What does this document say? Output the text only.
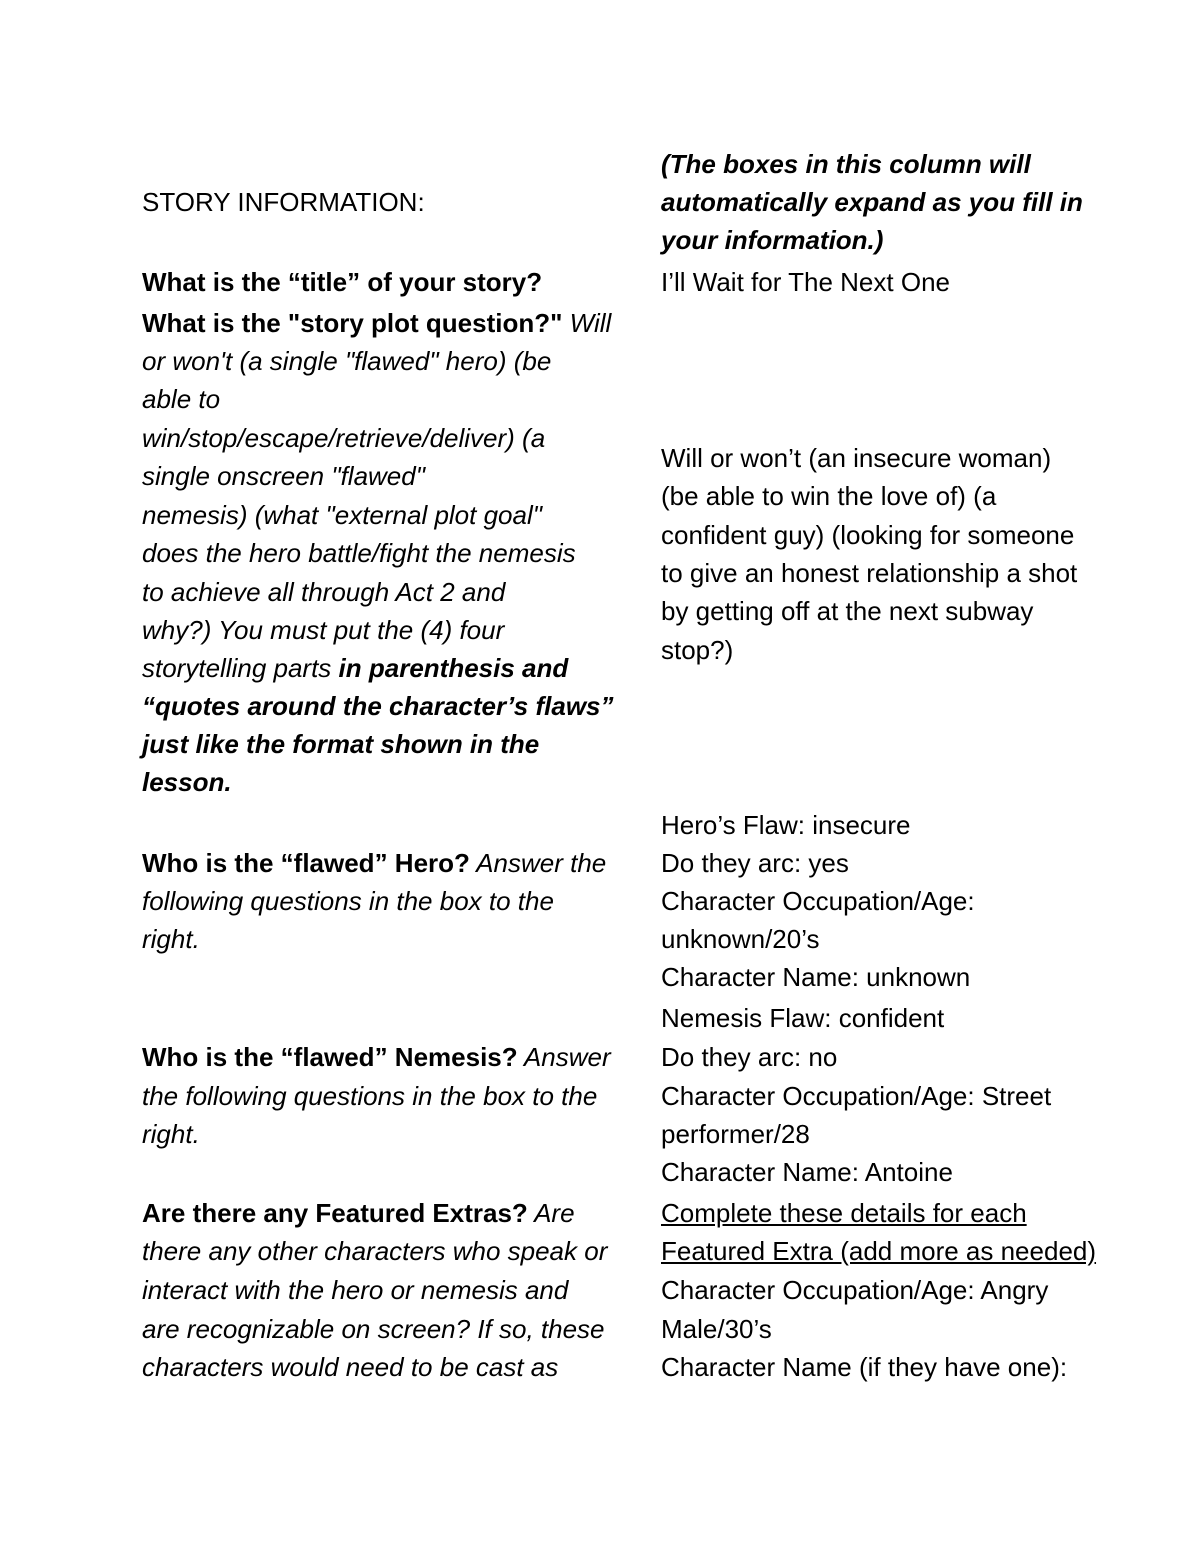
STORY INFORMATION:
(The boxes in this column will
automatically expand as you fill in
your information.)
What is the “title” of your story?	I’ll Wait for The Next One
What is the "story plot question?" Will
or won't (a single "flawed" hero) (be
able to
win/stop/escape/retrieve/deliver) (a
single onscreen "flawed"
nemesis) (what "external plot goal"
does the hero battle/fight the nemesis
to achieve all through Act 2 and
why?) You must put the (4) four
storytelling parts in parenthesis and
“quotes around the character’s flaws”
just like the format shown in the
lesson.
Will or won’t (an insecure woman)
(be able to win the love of) (a
confident guy) (looking for someone
to give an honest relationship a shot
by getting off at the next subway
stop?)
Who is the “flawed” Hero? Answer the
following questions in the box to the
right.
Hero’s Flaw: insecure
Do they arc: yes
Character Occupation/Age:
unknown/20’s
Character Name: unknown
Who is the “flawed” Nemesis? Answer
the following questions in the box to the
right.
Nemesis Flaw: confident
Do they arc: no
Character Occupation/Age: Street
performer/28
Character Name: Antoine
Are there any Featured Extras? Are
there any other characters who speak or
interact with the hero or nemesis and
are recognizable on screen? If so, these
characters would need to be cast as
Complete these details for each
Featured Extra (add more as needed)
Character Occupation/Age: Angry
Male/30’s
Character Name (if they have one):
